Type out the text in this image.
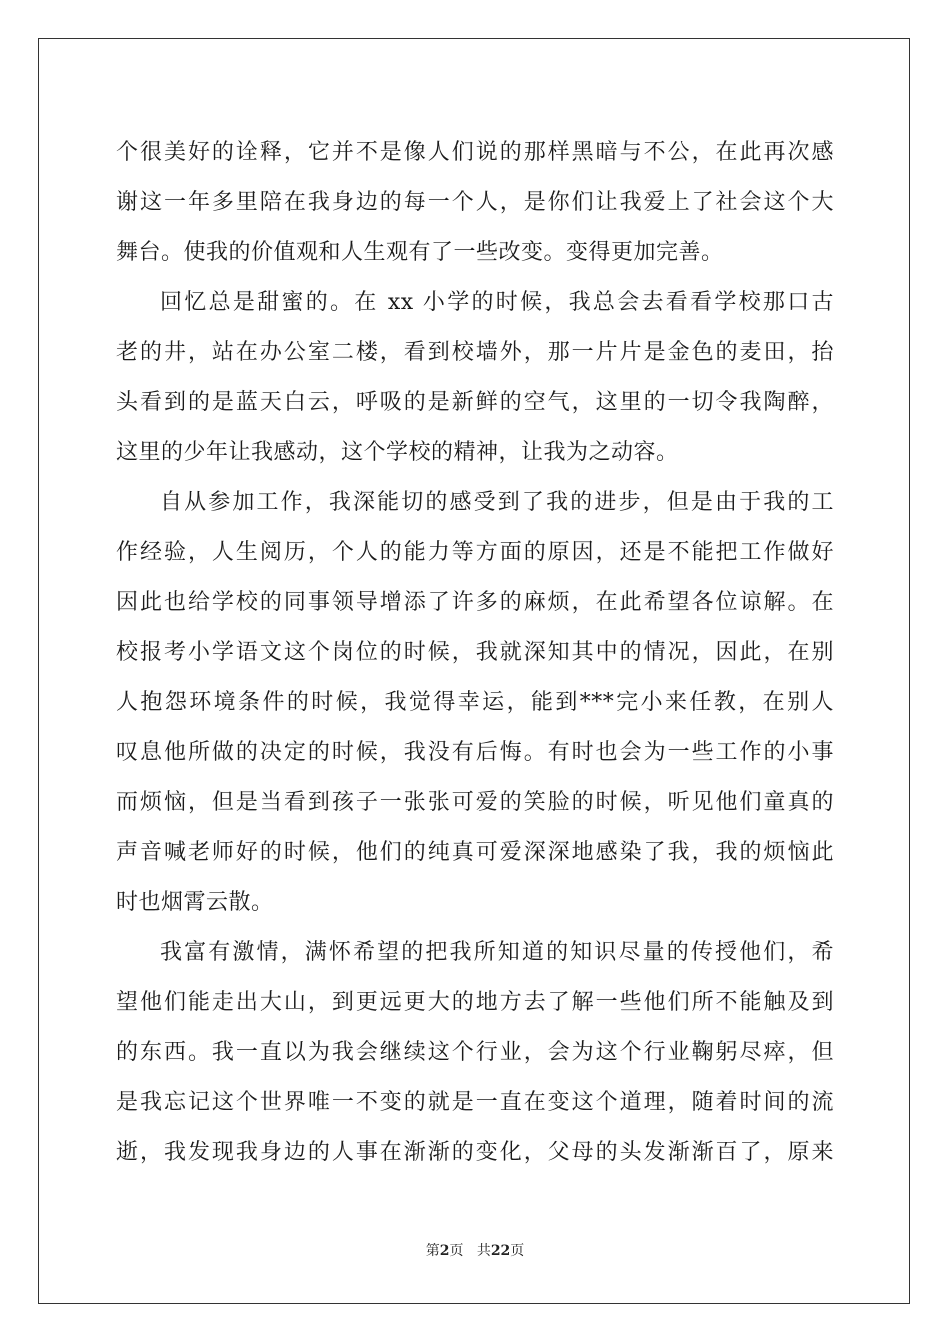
个很美好的诠释，它并不是像人们说的那样黑暗与不公，在此再次感
谢这一年多里陪在我身边的每一个人，是你们让我爱上了社会这个大
舞台。使我的价值观和人生观有了一些改变。变得更加完善。
回忆总是甜蜜的。在 xx 小学的时候，我总会去看看学校那口古
老的井，站在办公室二楼，看到校墙外，那一片片是金色的麦田，抬
头看到的是蓝天白云，呼吸的是新鲜的空气，这里的一切令我陶醉，
这里的少年让我感动，这个学校的精神，让我为之动容。
自从参加工作，我深能切的感受到了我的进步，但是由于我的工
作经验，人生阅历，个人的能力等方面的原因，还是不能把工作做好
因此也给学校的同事领导增添了许多的麻烦，在此希望各位谅解。在
校报考小学语文这个岗位的时候，我就深知其中的情况，因此，在别
人抱怨环境条件的时候，我觉得幸运，能到***完小来任教，在别人
叹息他所做的决定的时候，我没有后悔。有时也会为一些工作的小事
而烦恼，但是当看到孩子一张张可爱的笑脸的时候，听见他们童真的
声音喊老师好的时候，他们的纯真可爱深深地感染了我，我的烦恼此
时也烟霄云散。
我富有激情，满怀希望的把我所知道的知识尽量的传授他们，希
望他们能走出大山，到更远更大的地方去了解一些他们所不能触及到
的东西。我一直以为我会继续这个行业，会为这个行业鞠躬尽瘁，但
是我忘记这个世界唯一不变的就是一直在变这个道理，随着时间的流
逝，我发现我身边的人事在渐渐的变化，父母的头发渐渐百了，原来
第2页 共22页
